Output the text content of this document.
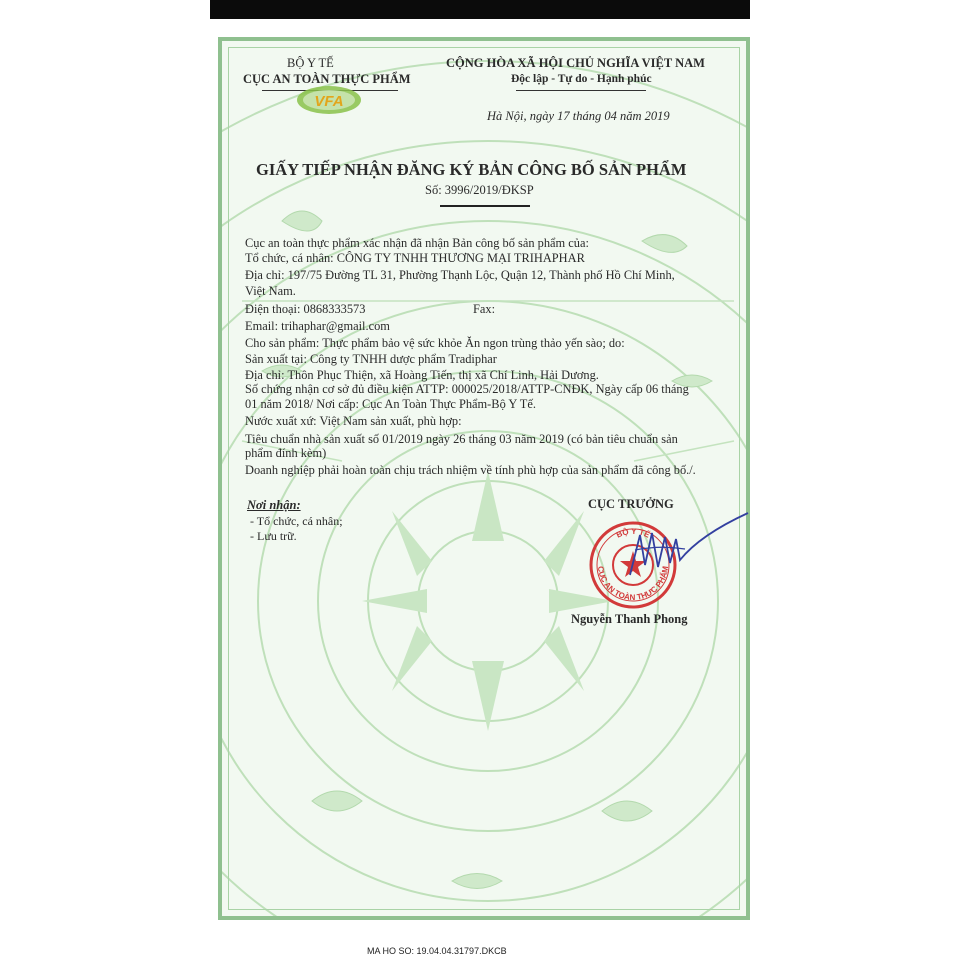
BỘ Y TẾ
CỤC AN TOÀN THỰC PHẨM
VFA
CỘNG HÒA XÃ HỘI CHỦ NGHĨA VIỆT NAM
Độc lập - Tự do - Hạnh phúc
Hà Nội, ngày 17 tháng 04 năm 2019
GIẤY TIẾP NHẬN ĐĂNG KÝ BẢN CÔNG BỐ SẢN PHẨM
Số: 3996/2019/ĐKSP
Cục an toàn thực phẩm xác nhận đã nhận Bản công bố sản phẩm của:
Tổ chức, cá nhân: CÔNG TY TNHH THƯƠNG MẠI TRIHAPHAR
Địa chỉ: 197/75 Đường TL 31, Phường Thạnh Lộc, Quận 12, Thành phố Hồ Chí Minh,
Việt Nam.
Điện thoại: 0868333573	Fax:
Email: trihaphar@gmail.com
Cho sản phẩm: Thực phẩm bảo vệ sức khỏe Ăn ngon trùng thảo yến sào; do:
Sản xuất tại: Công ty TNHH dược phẩm Tradiphar
Địa chỉ: Thôn Phục Thiện, xã Hoàng Tiến, thị xã Chí Linh, Hải Dương.
Số chứng nhận cơ sở đủ điều kiện ATTP: 000025/2018/ATTP-CNĐK, Ngày cấp 06 tháng
01 năm 2018/ Nơi cấp: Cục An Toàn Thực Phẩm-Bộ Y Tế.
Nước xuất xứ: Việt Nam sản xuất, phù hợp:
Tiêu chuẩn nhà sản xuất số 01/2019 ngày 26 tháng 03 năm 2019 (có bản tiêu chuẩn sản
phẩm đính kèm)
Doanh nghiệp phải hoàn toàn chịu trách nhiệm về tính phù hợp của sản phẩm đã công bố./.
Nơi nhận:
- Tổ chức, cá nhân;
- Lưu trữ.
CỤC TRƯỞNG
BỘ Y TẾ
CỤC AN TOÀN THỰC PHẨM
Nguyễn Thanh Phong
MA HO SO: 19.04.04.31797.DKCB
